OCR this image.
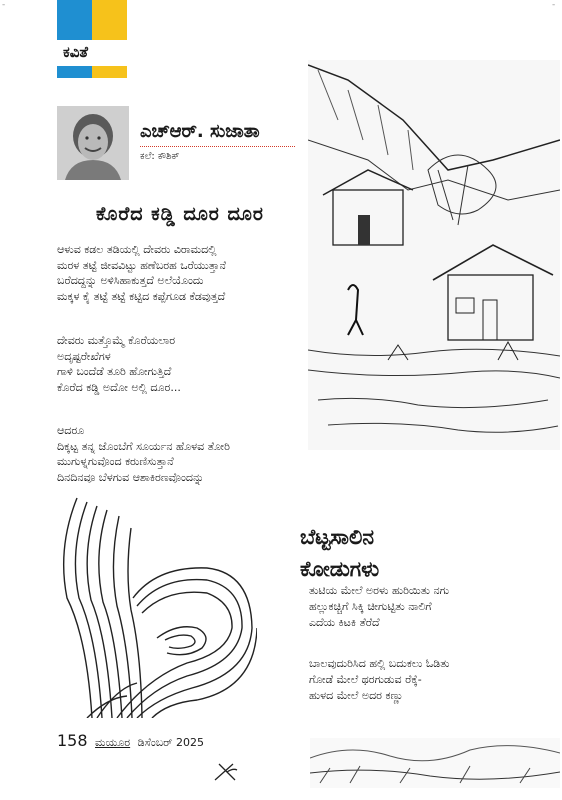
ಕವಿತೆ
-	-
ಎಚ್‌ಆರ್‌. ಸುಜಾತಾ
ಕಲೆ: ಕೌಶಿಕ್
ಕೊರೆದ ಕಡ್ಡಿ ದೂರ ದೂರ
ಆಳುವ ಕಡಲ ತಡಿಯಲ್ಲಿ ದೇವರು ವಿರಾಮದಲ್ಲಿ
ಮರಳ ತಟ್ಟೆ ಜೀವವಿಟ್ಟು ಹಣೆಬರಹ ಒರೆಯುತ್ತಾನೆ
ಬರೆದದ್ದನ್ನು ಅಳಿಸಿಹಾಕುತ್ತದೆ ಅಲೆಯೊಂದು
ಮಕ್ಕಳ ಕೈ ತಟ್ಟೆ ತಟ್ಟೆ ಕಟ್ಟಿದ ಕಪ್ಪೆಗೂಡ ಕೆಡವುತ್ತದೆ
ದೇವರು ಮತ್ತೊಮ್ಮೆ ಕೊರೆಯಲಾರ
ಅದೃಷ್ಟರೇಖೆಗಳ
ಗಾಳಿ ಬಂದೆಡೆ ತೂರಿ ಹೋಗುತ್ತಿದೆ
ಕೊರೆದ ಕಡ್ಡಿ ಅದೋ ಅಲ್ಲಿ ದೂರ...
ಆದರೂ
ದಿಕ್ಕಟ್ಟ ತನ್ನ ಜೊಂಬೆಗೆ ಸೂರ್ಯನ ಹೊಳವ ತೋರಿ
ಮುಗುಳ್ನಗುವೊಂದ ಕರುಣಿಸುತ್ತಾನೆ
ದಿನದಿನವೂ ಬೆಳಗುವ ಆಶಾಕಿರಣವೊಂದನ್ನು
ಬೆಟ್ಟಸಾಲಿನ
ಕೋಡುಗಳು
ತುಟಿಯ ಮೇಲೆ ಅರಳು ಹುರಿಯಿತು ನಗು
ಹಲ್ಲುಕಚ್ಚಿಗೆ ಸಿಕ್ಕಿ ಚೀಗುಟ್ಟಿತು ನಾಲಿಗೆ
ಎದೆಯ ಕಿಟಕಿ ತೆರೆದೆ
ಬಾಲವುದುರಿಸಿದ ಹಲ್ಲಿ ಬದುಕಲು ಓಡಿತು
ಗೋಡೆ ಮೇಲೆ ಥರಗುಡುವ ರೆಕ್ಕೆ-
ಹುಳದ ಮೇಲೆ ಅದರ ಕಣ್ಣು
158 ಮಯೂರ ಡಿಸೆಂಬರ್ 2025
